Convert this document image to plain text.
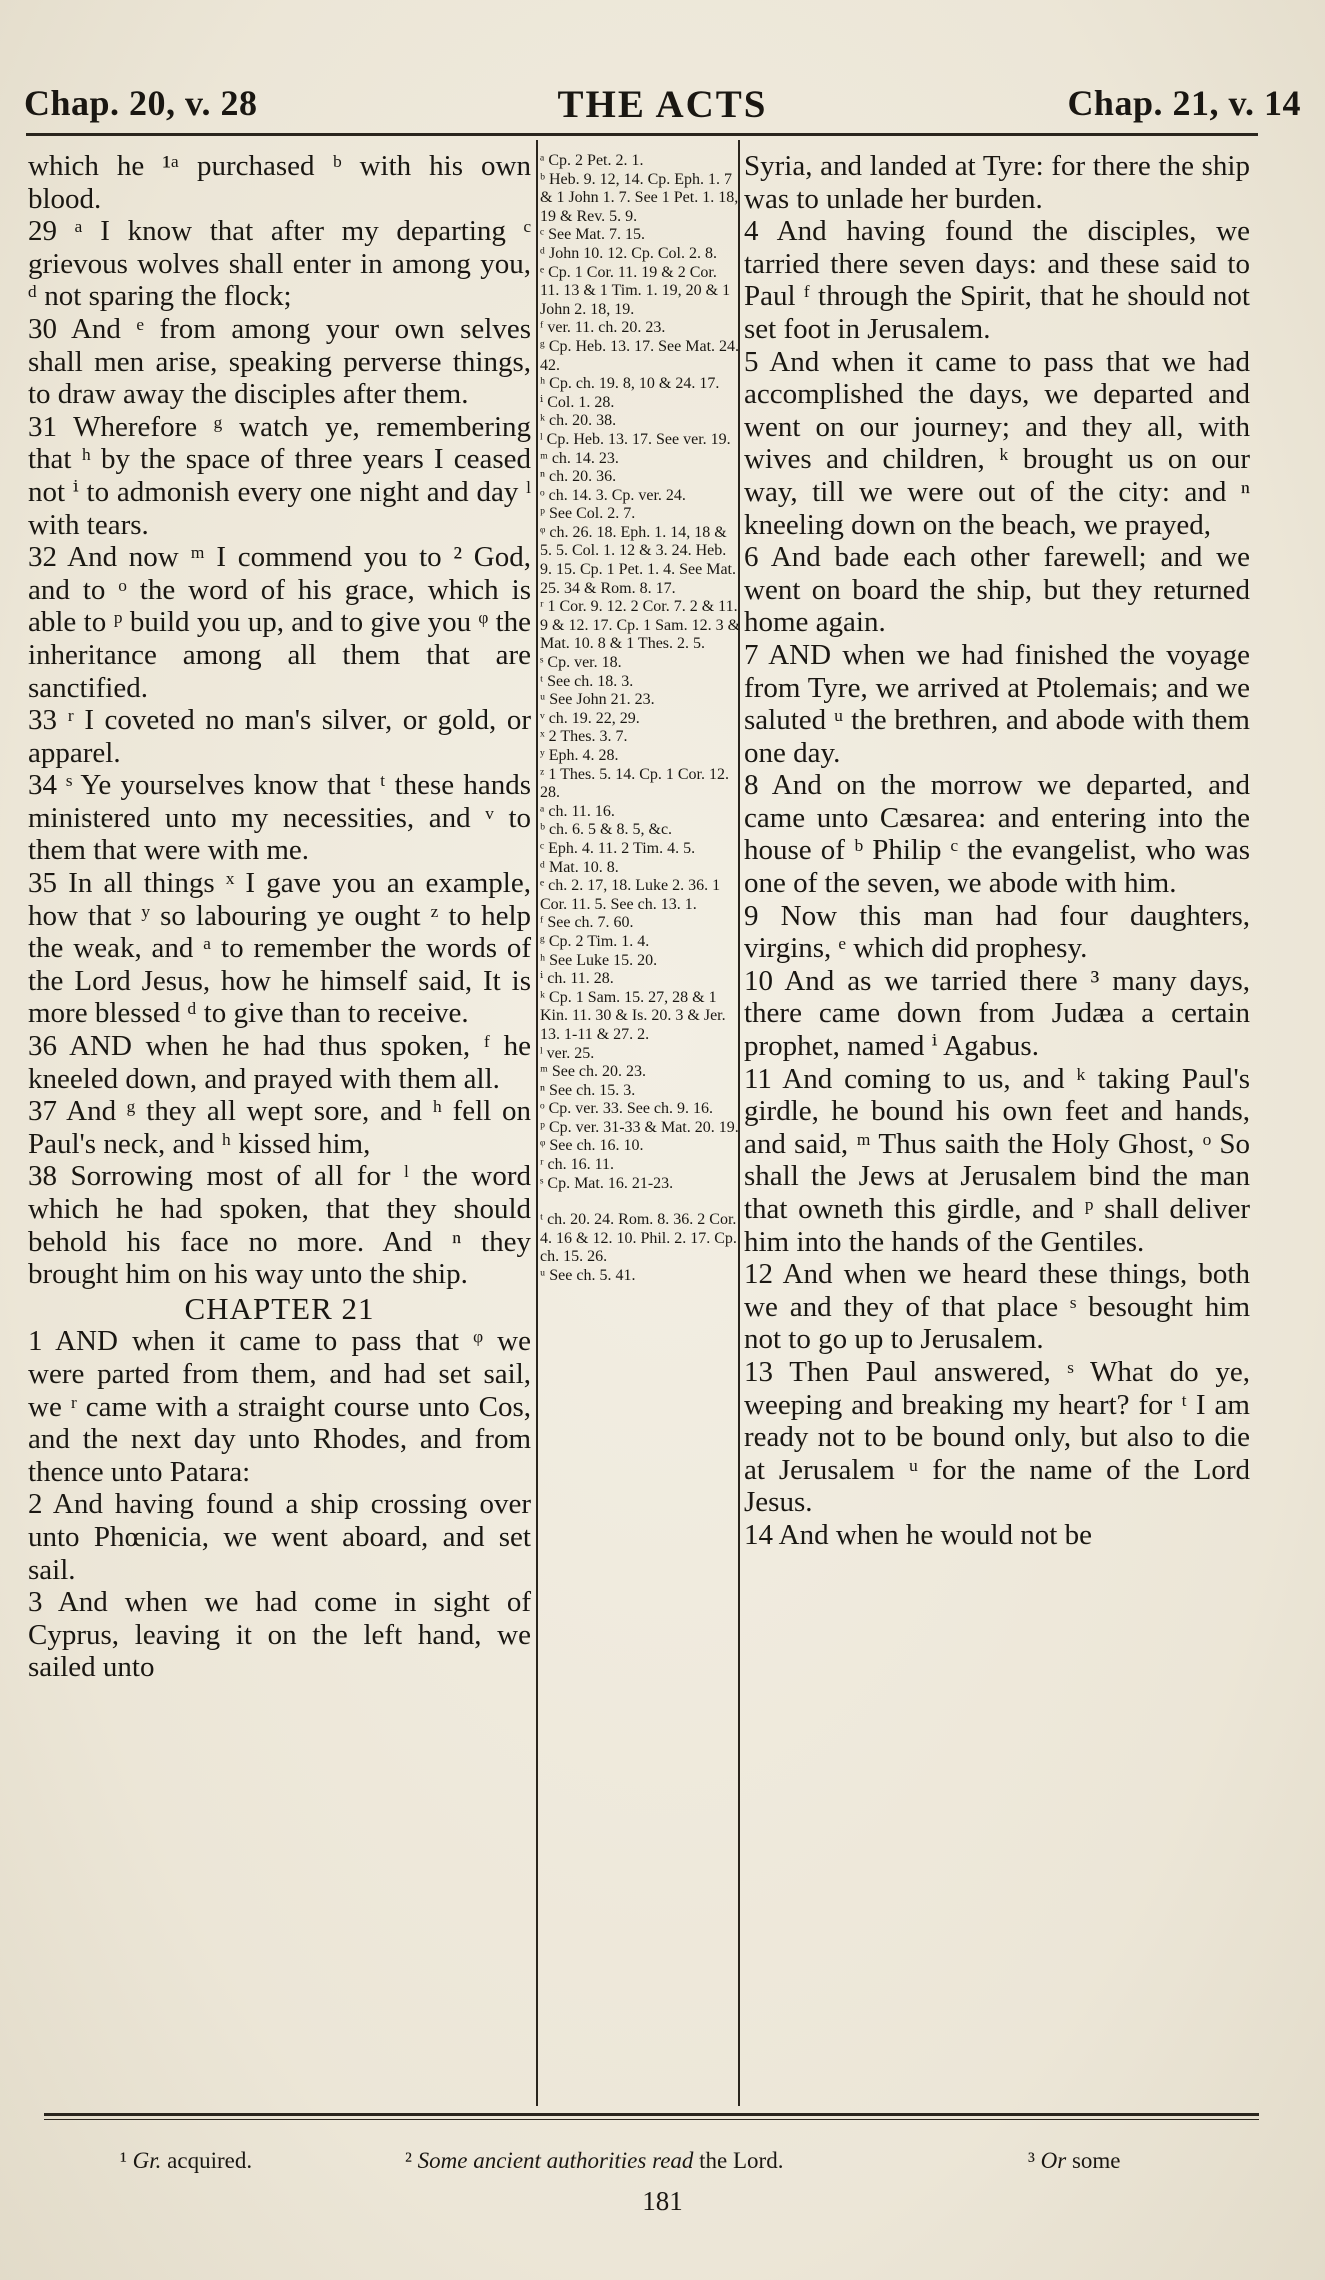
Chap. 20, v. 28	THE ACTS	Chap. 21, v. 14

which he ¹ᵃ purchased ᵇ with his own blood.

29 ᵃ I know that after my departing ᶜ grievous wolves shall enter in among you, ᵈ not sparing the flock;

30 And ᵉ from among your own selves shall men arise, speaking perverse things, to draw away the disciples after them.

31 Wherefore ᵍ watch ye, remembering that ʰ by the space of three years I ceased not ⁱ to admonish every one night and day ˡ with tears.

32 And now ᵐ I commend you to ² God, and to ᵒ the word of his grace, which is able to ᵖ build you up, and to give you ᵠ the inheritance among all them that are sanctified.

33 ʳ I coveted no man's silver, or gold, or apparel.

34 ˢ Ye yourselves know that ᵗ these hands ministered unto my necessities, and ᵛ to them that were with me.

35 In all things ˣ I gave you an example, how that ʸ so labouring ye ought ᶻ to help the weak, and ᵃ to remember the words of the Lord Jesus, how he himself said, It is more blessed ᵈ to give than to receive.

36 AND when he had thus spoken, ᶠ he kneeled down, and prayed with them all.

37 And ᵍ they all wept sore, and ʰ fell on Paul's neck, and ʰ kissed him,

38 Sorrowing most of all for ˡ the word which he had spoken, that they should behold his face no more. And ⁿ they brought him on his way unto the ship.

CHAPTER 21

1 AND when it came to pass that ᵠ we were parted from them, and had set sail, we ʳ came with a straight course unto Cos, and the next day unto Rhodes, and from thence unto Patara:

2 And having found a ship crossing over unto Phœnicia, we went aboard, and set sail.

3 And when we had come in sight of Cyprus, leaving it on the left hand, we sailed unto

ᵃ Cp. 2 Pet. 2. 1.
ᵇ Heb. 9. 12, 14. Cp. Eph. 1. 7 & 1 John 1. 7. See 1 Pet. 1. 18, 19 & Rev. 5. 9.
ᶜ See Mat. 7. 15.
ᵈ John 10. 12. Cp. Col. 2. 8.
ᵉ Cp. 1 Cor. 11. 19 & 2 Cor. 11. 13 & 1 Tim. 1. 19, 20 & 1 John 2. 18, 19.
ᶠ ver. 11. ch. 20. 23.
ᵍ Cp. Heb. 13. 17. See Mat. 24. 42.
ʰ Cp. ch. 19. 8, 10 & 24. 17.
ⁱ Col. 1. 28.
ᵏ ch. 20. 38.
ˡ Cp. Heb. 13. 17. See ver. 19.
ᵐ ch. 14. 23.
ⁿ ch. 20. 36.
ᵒ ch. 14. 3. Cp. ver. 24.
ᵖ See Col. 2. 7.
ᵠ ch. 26. 18. Eph. 1. 14, 18 & 5. 5. Col. 1. 12 & 3. 24. Heb. 9. 15. Cp. 1 Pet. 1. 4. See Mat. 25. 34 & Rom. 8. 17.
ʳ 1 Cor. 9. 12. 2 Cor. 7. 2 & 11. 9 & 12. 17. Cp. 1 Sam. 12. 3 & Mat. 10. 8 & 1 Thes. 2. 5.
ˢ Cp. ver. 18.
ᵗ See ch. 18. 3.
ᵘ See John 21. 23.
ᵛ ch. 19. 22, 29.
ˣ 2 Thes. 3. 7.
ʸ Eph. 4. 28.
ᶻ 1 Thes. 5. 14. Cp. 1 Cor. 12. 28.
ᵃ ch. 11. 16.
ᵇ ch. 6. 5 & 8. 5, &c.
ᶜ Eph. 4. 11. 2 Tim. 4. 5.
ᵈ Mat. 10. 8.
ᵉ ch. 2. 17, 18. Luke 2. 36. 1 Cor. 11. 5. See ch. 13. 1.
ᶠ See ch. 7. 60.
ᵍ Cp. 2 Tim. 1. 4.
ʰ See Luke 15. 20.
ⁱ ch. 11. 28.
ᵏ Cp. 1 Sam. 15. 27, 28 & 1 Kin. 11. 30 & Is. 20. 3 & Jer. 13. 1-11 & 27. 2.
ˡ ver. 25.
ᵐ See ch. 20. 23.
ⁿ See ch. 15. 3.
ᵒ Cp. ver. 33. See ch. 9. 16.
ᵖ Cp. ver. 31-33 & Mat. 20. 19.
ᵠ See ch. 16. 10.
ʳ ch. 16. 11.
ˢ Cp. Mat. 16. 21-23.
ᵗ ch. 20. 24. Rom. 8. 36. 2 Cor. 4. 16 & 12. 10. Phil. 2. 17. Cp. ch. 15. 26.
ᵘ See ch. 5. 41.

Syria, and landed at Tyre: for there the ship was to unlade her burden.

4 And having found the disciples, we tarried there seven days: and these said to Paul ᶠ through the Spirit, that he should not set foot in Jerusalem.

5 And when it came to pass that we had accomplished the days, we departed and went on our journey; and they all, with wives and children, ᵏ brought us on our way, till we were out of the city: and ⁿ kneeling down on the beach, we prayed,

6 And bade each other farewell; and we went on board the ship, but they returned home again.

7 AND when we had finished the voyage from Tyre, we arrived at Ptolemais; and we saluted ᵘ the brethren, and abode with them one day.

8 And on the morrow we departed, and came unto Cæsarea: and entering into the house of ᵇ Philip ᶜ the evangelist, who was one of the seven, we abode with him.

9 Now this man had four daughters, virgins, ᵉ which did prophesy.

10 And as we tarried there ³ many days, there came down from Judæa a certain prophet, named ⁱ Agabus.

11 And coming to us, and ᵏ taking Paul's girdle, he bound his own feet and hands, and said, ᵐ Thus saith the Holy Ghost, ᵒ So shall the Jews at Jerusalem bind the man that owneth this girdle, and ᵖ shall deliver him into the hands of the Gentiles.

12 And when we heard these things, both we and they of that place ˢ besought him not to go up to Jerusalem.

13 Then Paul answered, ˢ What do ye, weeping and breaking my heart? for ᵗ I am ready not to be bound only, but also to die at Jerusalem ᵘ for the name of the Lord Jesus.

14 And when he would not be

¹ Gr. acquired.	² Some ancient authorities read the Lord.	³ Or some
181
